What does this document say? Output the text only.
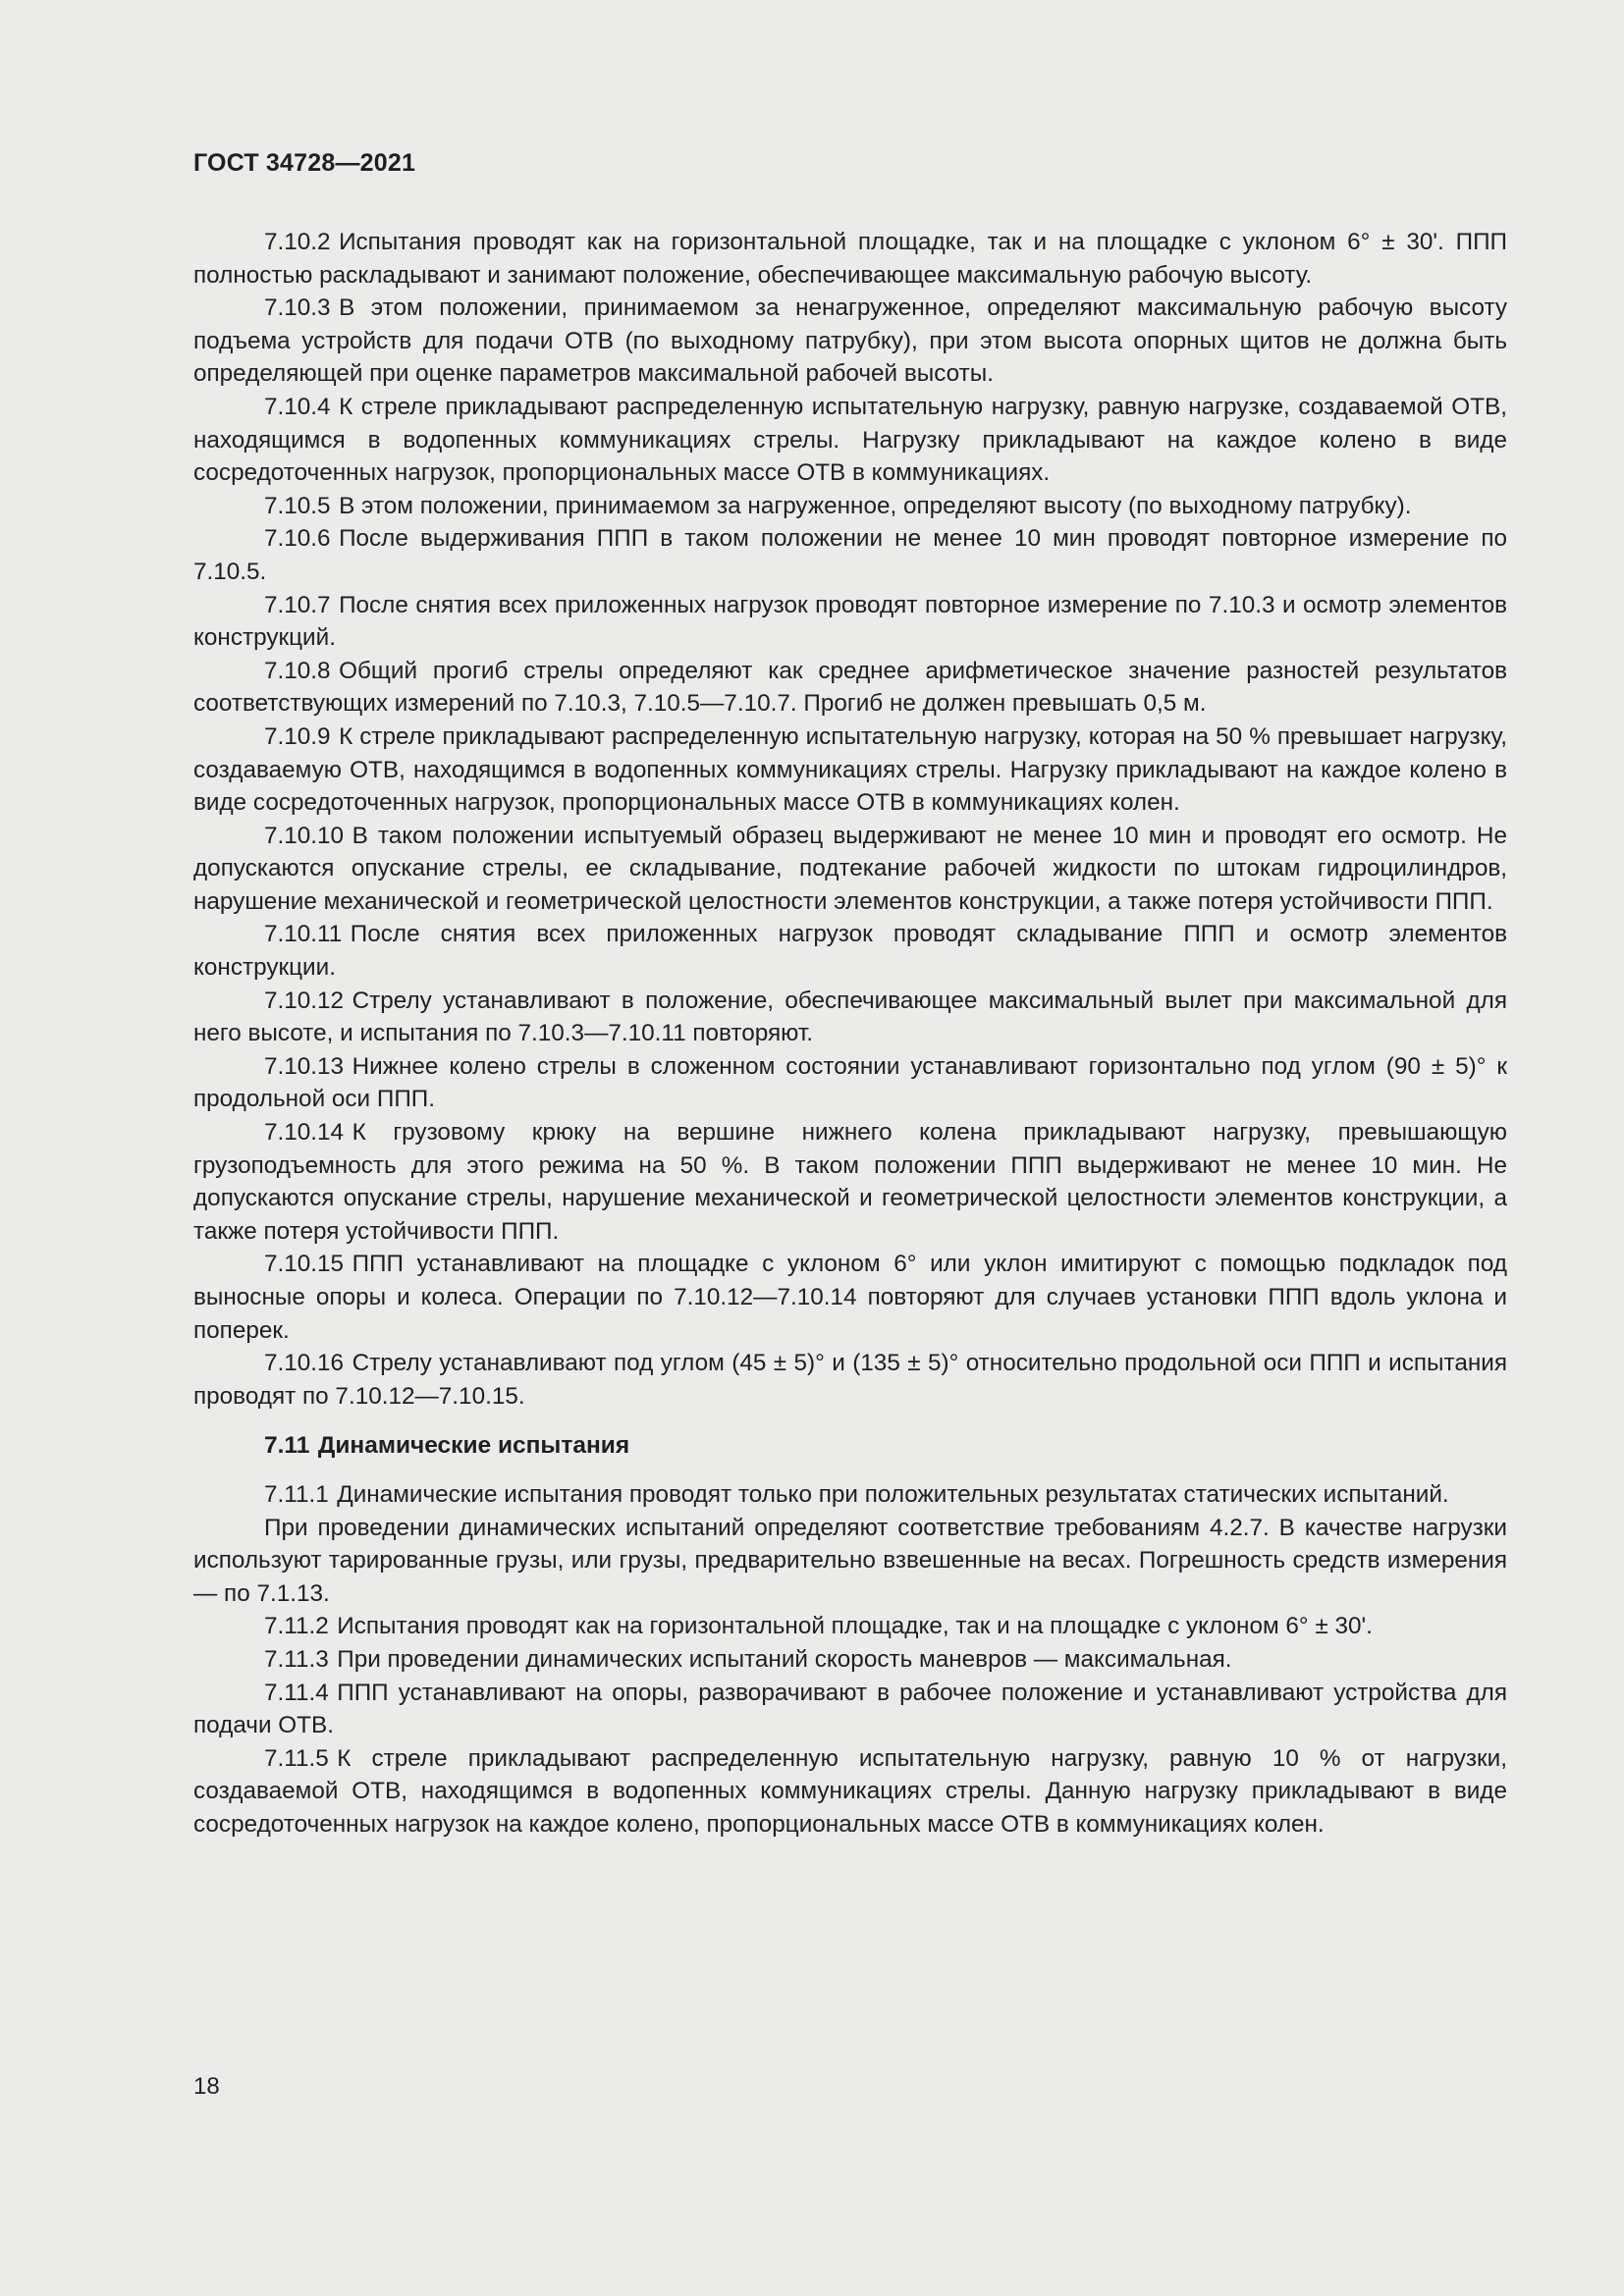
ГОСТ 34728—2021

7.10.2 Испытания проводят как на горизонтальной площадке, так и на площадке с уклоном 6° ± 30'. ППП полностью раскладывают и занимают положение, обеспечивающее максимальную рабочую высоту.

7.10.3 В этом положении, принимаемом за ненагруженное, определяют максимальную рабочую высоту подъема устройств для подачи ОТВ (по выходному патрубку), при этом высота опорных щитов не должна быть определяющей при оценке параметров максимальной рабочей высоты.

7.10.4 К стреле прикладывают распределенную испытательную нагрузку, равную нагрузке, создаваемой ОТВ, находящимся в водопенных коммуникациях стрелы. Нагрузку прикладывают на каждое колено в виде сосредоточенных нагрузок, пропорциональных массе ОТВ в коммуникациях.

7.10.5 В этом положении, принимаемом за нагруженное, определяют высоту (по выходному патрубку).

7.10.6 После выдерживания ППП в таком положении не менее 10 мин проводят повторное измерение по 7.10.5.

7.10.7 После снятия всех приложенных нагрузок проводят повторное измерение по 7.10.3 и осмотр элементов конструкций.

7.10.8 Общий прогиб стрелы определяют как среднее арифметическое значение разностей результатов соответствующих измерений по 7.10.3, 7.10.5—7.10.7. Прогиб не должен превышать 0,5 м.

7.10.9 К стреле прикладывают распределенную испытательную нагрузку, которая на 50 % превышает нагрузку, создаваемую ОТВ, находящимся в водопенных коммуникациях стрелы. Нагрузку прикладывают на каждое колено в виде сосредоточенных нагрузок, пропорциональных массе ОТВ в коммуникациях колен.

7.10.10 В таком положении испытуемый образец выдерживают не менее 10 мин и проводят его осмотр. Не допускаются опускание стрелы, ее складывание, подтекание рабочей жидкости по штокам гидроцилиндров, нарушение механической и геометрической целостности элементов конструкции, а также потеря устойчивости ППП.

7.10.11 После снятия всех приложенных нагрузок проводят складывание ППП и осмотр элементов конструкции.

7.10.12 Стрелу устанавливают в положение, обеспечивающее максимальный вылет при максимальной для него высоте, и испытания по 7.10.3—7.10.11 повторяют.

7.10.13 Нижнее колено стрелы в сложенном состоянии устанавливают горизонтально под углом (90 ± 5)° к продольной оси ППП.

7.10.14 К грузовому крюку на вершине нижнего колена прикладывают нагрузку, превышающую грузоподъемность для этого режима на 50 %. В таком положении ППП выдерживают не менее 10 мин. Не допускаются опускание стрелы, нарушение механической и геометрической целостности элементов конструкции, а также потеря устойчивости ППП.

7.10.15 ППП устанавливают на площадке с уклоном 6° или уклон имитируют с помощью подкладок под выносные опоры и колеса. Операции по 7.10.12—7.10.14 повторяют для случаев установки ППП вдоль уклона и поперек.

7.10.16 Стрелу устанавливают под углом (45 ± 5)° и (135 ± 5)° относительно продольной оси ППП и испытания проводят по 7.10.12—7.10.15.

7.11 Динамические испытания

7.11.1 Динамические испытания проводят только при положительных результатах статических испытаний.

При проведении динамических испытаний определяют соответствие требованиям 4.2.7. В качестве нагрузки используют тарированные грузы, или грузы, предварительно взвешенные на весах. Погрешность средств измерения — по 7.1.13.

7.11.2 Испытания проводят как на горизонтальной площадке, так и на площадке с уклоном 6° ± 30'.

7.11.3 При проведении динамических испытаний скорость маневров — максимальная.

7.11.4 ППП устанавливают на опоры, разворачивают в рабочее положение и устанавливают устройства для подачи ОТВ.

7.11.5 К стреле прикладывают распределенную испытательную нагрузку, равную 10 % от нагрузки, создаваемой ОТВ, находящимся в водопенных коммуникациях стрелы. Данную нагрузку прикладывают в виде сосредоточенных нагрузок на каждое колено, пропорциональных массе ОТВ в коммуникациях колен.

18
